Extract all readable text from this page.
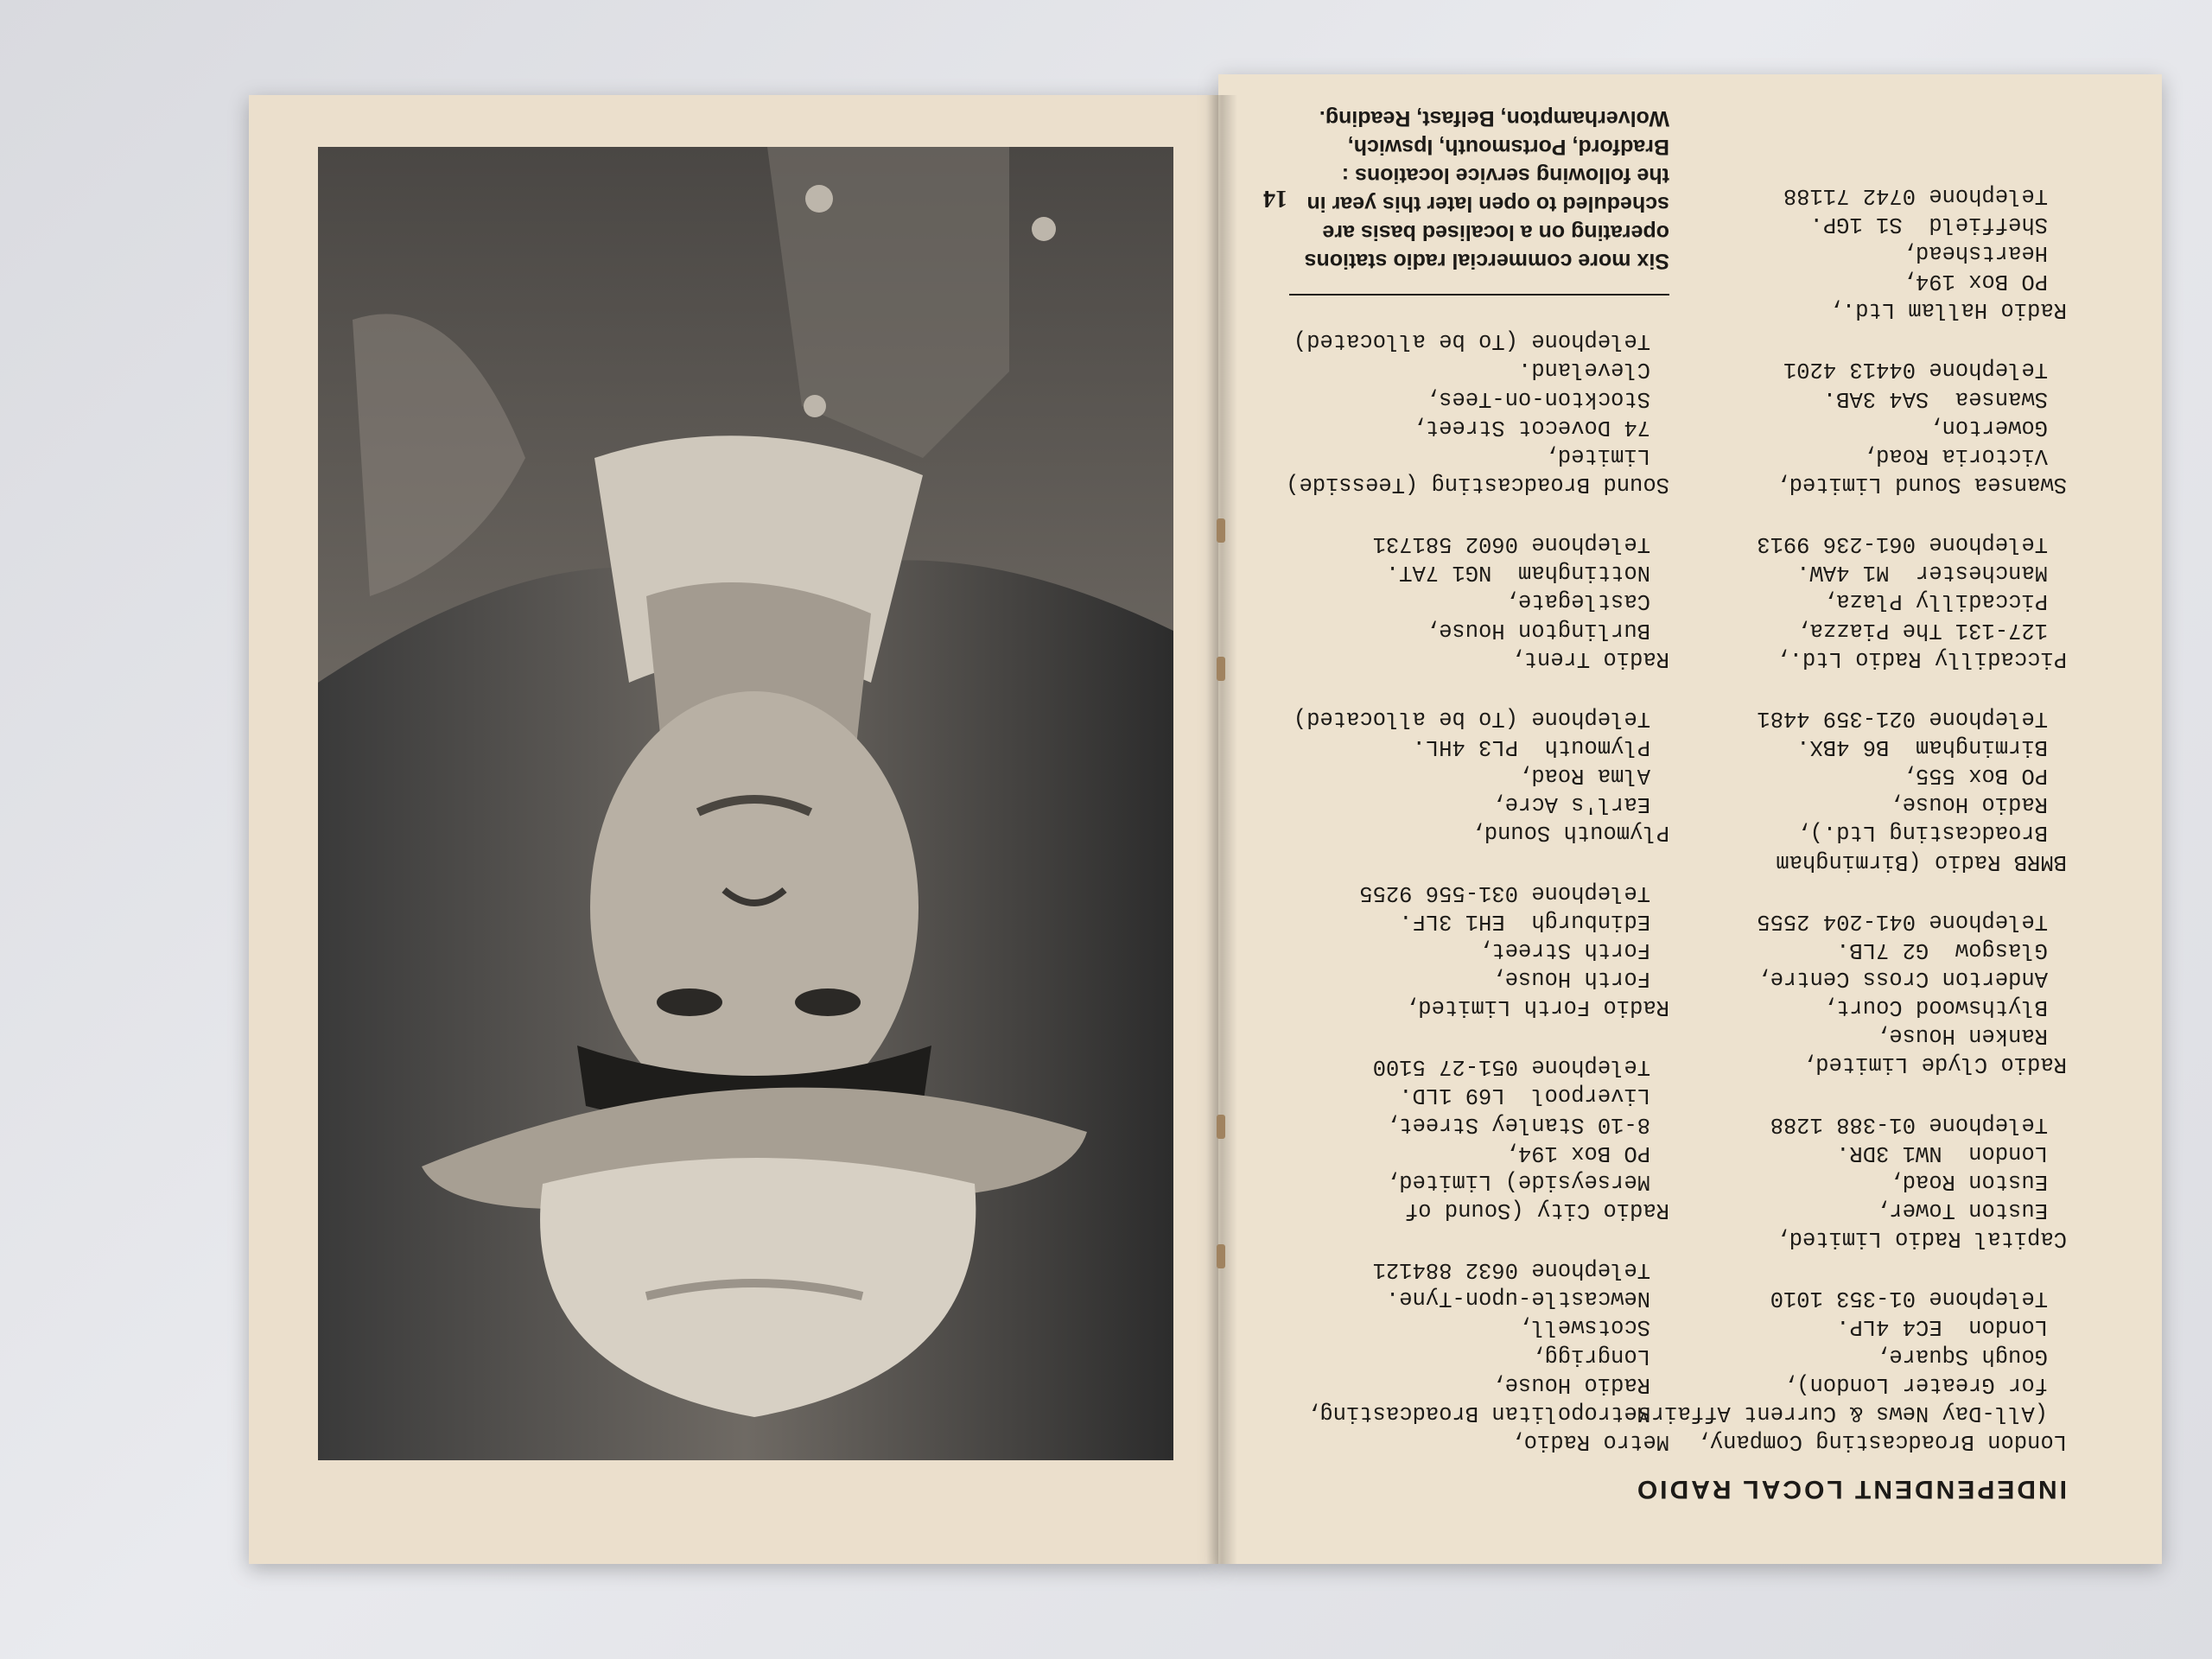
INDEPENDENT LOCAL RADIO
London Broadcasting Company,
(All-Day News & Current Affairs
for Greater London),
Gough Square,
London  EC4 4LP.
Telephone 01-353 1010
Capital Radio Limited,
Euston Tower,
Euston Road,
London  NW1 3DR.
Telephone 01-388 1288
Radio Clyde Limited,
Ranken House,
Blythswood Court,
Anderton Cross Centre,
Glasgow  G2 7LB.
Telephone 041-204 2555
BMRB Radio (Birmingham
Broadcasting Ltd.),
Radio House,
PO Box 555,
Birmingham  B6 4BX.
Telephone 021-359 4481
Piccadilly Radio Ltd.,
127-131 The Piazza,
Piccadilly Plaza,
Manchester  M1 4AW.
Telephone 061-236 9913
Swansea Sound Limited,
Victoria Road,
Gowerton,
Swansea  SA4 3AB.
Telephone 04413 4201
Radio Hallam Ltd.,
PO Box 194,
Heartshead,
Sheffield  S1 1GP.
Telephone 0742 71188
Metro Radio,
Metropolitan Broadcasting,
Radio House,
Longrigg,
Scotswell,
Newcastle-upon-Tyne.
Telephone 0632 884121
Radio City (Sound of
Merseyside) Limited,
PO Box 194,
8-10 Stanley Street,
Liverpool  L69 1LD.
Telephone 051-27 5100
Radio Forth Limited,
Forth House,
Forth Street,
Edinburgh  EH1 3LF.
Telephone 031-556 9255
Plymouth Sound,
Earl's Acre,
Alma Road,
Plymouth  PL3 4HL.
Telephone (To be allocated)
Radio Trent,
Burlington House,
Castlegate,
Nottingham  NG1 7AT.
Telephone 0602 581731
Sound Broadcasting (Teesside)
Limited,
74 Dovecot Street,
Stockton-on-Tees,
Cleveland.
Telephone (To be allocated)
Six more commercial radio stations operating on a localised basis are scheduled to open later this year in the following service locations : Bradford, Portsmouth, Ipswich, Wolverhampton, Belfast, Reading.
14
